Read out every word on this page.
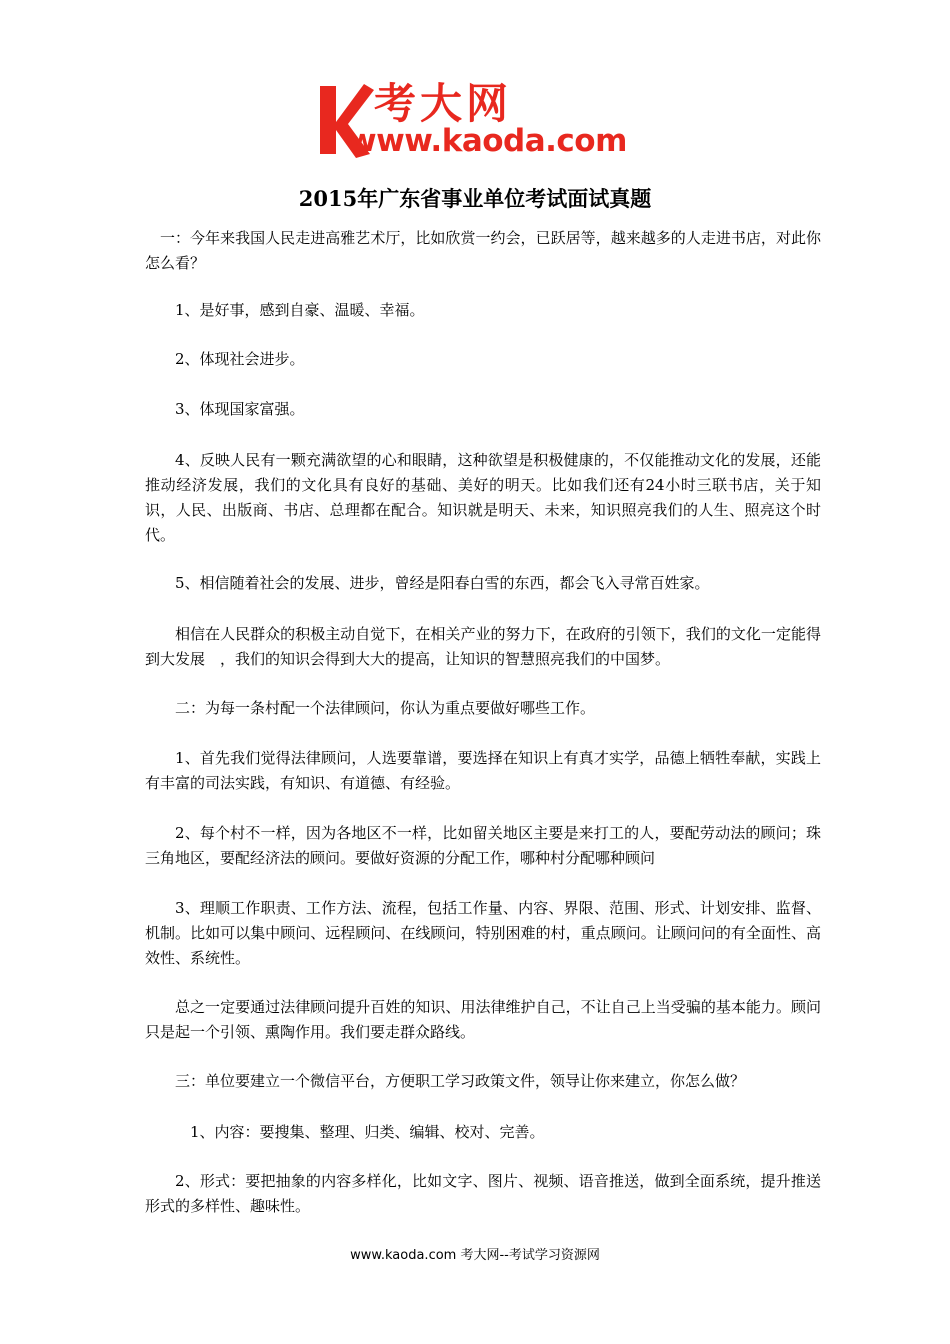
考大网
www.kaoda.com
2015年广东省事业单位考试面试真题

一：今年来我国人民走进高雅艺术厅，比如欣赏一约会，已跃居等，越来越多的人走进书店，对此你怎么看？

1、是好事，感到自豪、温暖、幸福。

2、体现社会进步。

3、体现国家富强。

4、反映人民有一颗充满欲望的心和眼睛，这种欲望是积极健康的，不仅能推动文化的发展，还能推动经济发展，我们的文化具有良好的基础、美好的明天。比如我们还有24小时三联书店，关于知识，人民、出版商、书店、总理都在配合。知识就是明天、未来，知识照亮我们的人生、照亮这个时代。

5、相信随着社会的发展、进步，曾经是阳春白雪的东西，都会飞入寻常百姓家。

相信在人民群众的积极主动自觉下，在相关产业的努力下，在政府的引领下，我们的文化一定能得到大发展　，我们的知识会得到大大的提高，让知识的智慧照亮我们的中国梦。

二：为每一条村配一个法律顾问，你认为重点要做好哪些工作。

1、首先我们觉得法律顾问，人选要靠谱，要选择在知识上有真才实学，品德上牺牲奉献，实践上有丰富的司法实践，有知识、有道德、有经验。

2、每个村不一样，因为各地区不一样，比如留关地区主要是来打工的人，要配劳动法的顾问；珠三角地区，要配经济法的顾问。要做好资源的分配工作，哪种村分配哪种顾问

3、理顺工作职责、工作方法、流程，包括工作量、内容、界限、范围、形式、计划安排、监督、机制。比如可以集中顾问、远程顾问、在线顾问，特别困难的村，重点顾问。让顾问问的有全面性、高效性、系统性。

总之一定要通过法律顾问提升百姓的知识、用法律维护自己，不让自己上当受骗的基本能力。顾问只是起一个引领、熏陶作用。我们要走群众路线。

三：单位要建立一个微信平台，方便职工学习政策文件，领导让你来建立，你怎么做？

1、内容：要搜集、整理、归类、编辑、校对、完善。

2、形式：要把抽象的内容多样化，比如文字、图片、视频、语音推送，做到全面系统，提升推送形式的多样性、趣味性。

www.kaoda.com 考大网--考试学习资源网
